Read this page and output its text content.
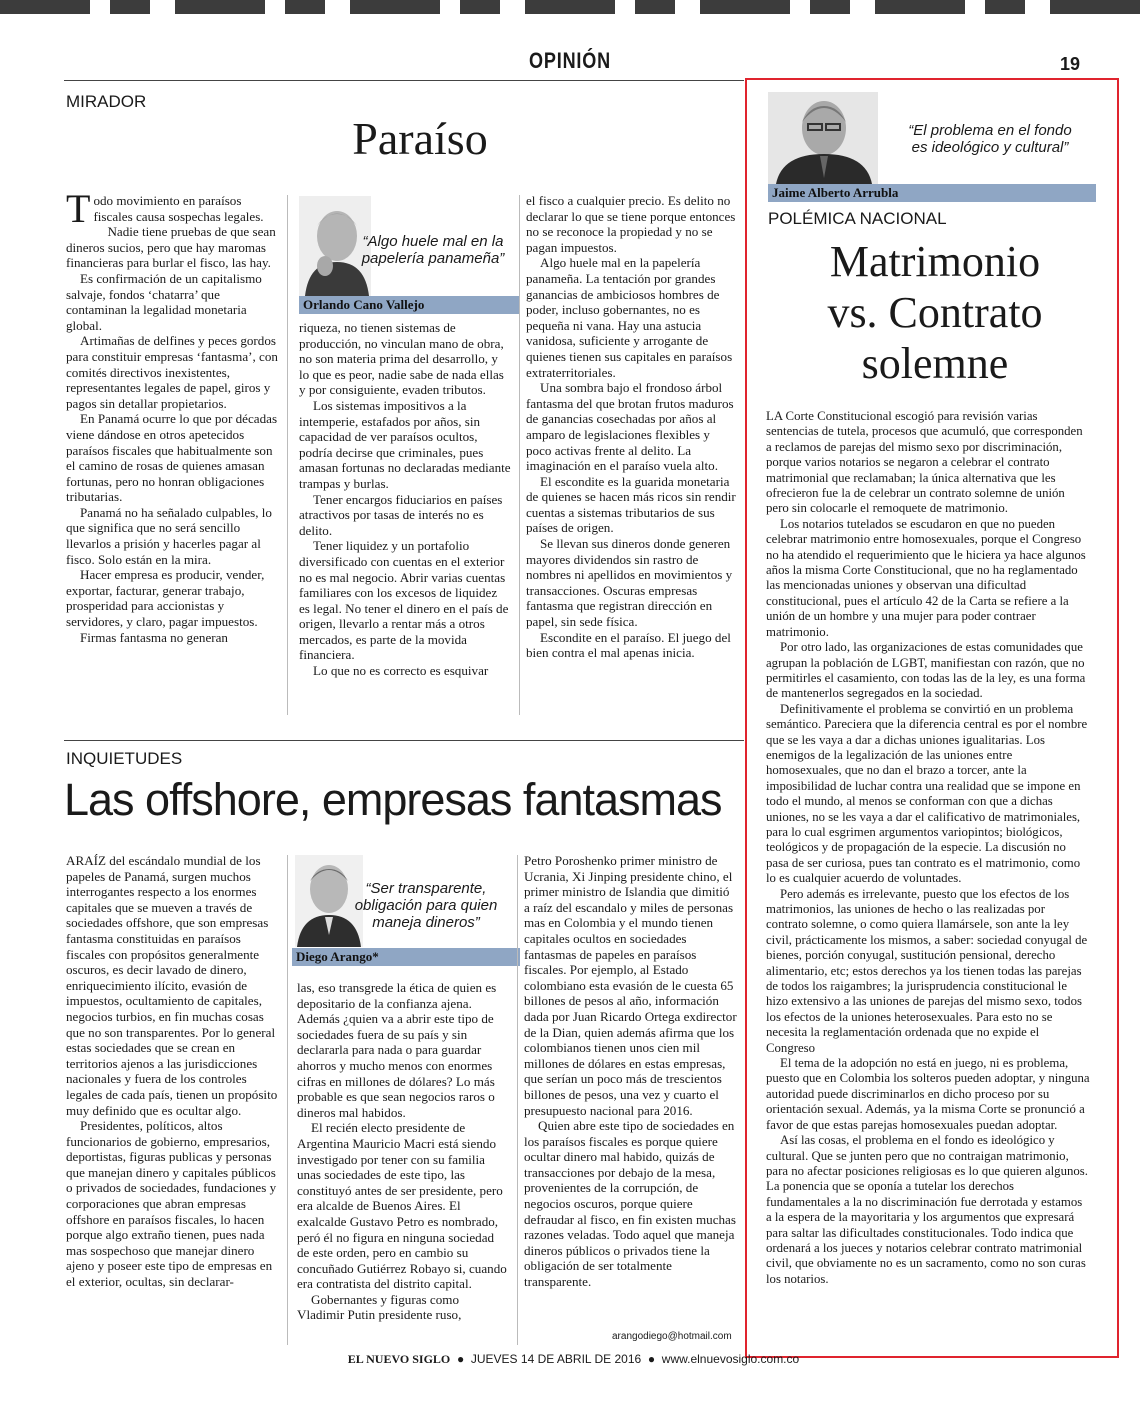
OPINIÓN	19
MIRADOR
Paraíso

Todo movimiento en paraísos fiscales causa sospechas legales.

Nadie tiene pruebas de que sean dineros sucios, pero que hay maromas financieras para burlar el fisco, las hay.

Es confirmación de un capitalismo salvaje, fondos ‘chatarra’ que contaminan la legalidad monetaria global.

Artimañas de delfines y peces gordos para constituir empresas ‘fantasma’, con comités directivos inexistentes, representantes legales de papel, giros y pagos sin detallar propietarios.

En Panamá ocurre lo que por décadas viene dándose en otros apetecidos paraísos fiscales que habitualmente son el camino de rosas de quienes amasan fortunas, pero no honran obligaciones tributarias.

Panamá no ha señalado culpables, lo que significa que no será sencillo llevarlos a prisión y hacerles pagar al fisco. Solo están en la mira.

Hacer empresa es producir, vender, exportar, facturar, generar trabajo, prosperidad para accionistas y servidores, y claro, pagar impuestos.

Firmas fantasma no generan

“Algo huele mal en la papelería panameña”
Orlando Cano Vallejo

riqueza, no tienen sistemas de producción, no vinculan mano de obra, no son materia prima del desarrollo, y lo que es peor, nadie sabe de nada ellas y por consiguiente, evaden tributos.

Los sistemas impositivos a la intemperie, estafados por años, sin capacidad de ver paraísos ocultos, podría decirse que criminales, pues amasan fortunas no declaradas mediante trampas y burlas.

Tener encargos fiduciarios en países atractivos por tasas de interés no es delito.

Tener liquidez y un portafolio diversificado con cuentas en el exterior no es mal negocio. Abrir varias cuentas familiares con los excesos de liquidez es legal. No tener el dinero en el país de origen, llevarlo a rentar más a otros mercados, es parte de la movida financiera.

Lo que no es correcto es esquivar

el fisco a cualquier precio. Es delito no declarar lo que se tiene porque entonces no se reconoce la propiedad y no se pagan impuestos.

Algo huele mal en la papelería panameña. La tentación por grandes ganancias de ambiciosos hombres de poder, incluso gobernantes, no es pequeña ni vana. Hay una astucia vanidosa, suficiente y arrogante de quienes tienen sus capitales en paraísos extraterritoriales.

Una sombra bajo el frondoso árbol fantasma del que brotan frutos maduros de ganancias cosechadas por años al amparo de legislaciones flexibles y poco activas frente al delito. La imaginación en el paraíso vuela alto.

El escondite es la guarida monetaria de quienes se hacen más ricos sin rendir cuentas a sistemas tributarios de sus países de origen.

Se llevan sus dineros donde generen mayores dividendos sin rastro de nombres ni apellidos en movimientos y transacciones. Oscuras empresas fantasma que registran dirección en papel, sin sede física.

Escondite en el paraíso. El juego del bien contra el mal apenas inicia.

INQUIETUDES
Las offshore, empresas fantasmas

ARAÍZ del escándalo mundial de los papeles de Panamá, surgen muchos interrogantes respecto a los enormes capitales que se mueven a través de sociedades offshore, que son empresas fantasma constituidas en paraísos fiscales con propósitos generalmente oscuros, es decir lavado de dinero, enriquecimiento ilícito, evasión de impuestos, ocultamiento de capitales, negocios turbios, en fin muchas cosas que no son transparentes. Por lo general estas sociedades que se crean en territorios ajenos a las jurisdicciones nacionales y fuera de los controles legales de cada país, tienen un propósito muy definido que es ocultar algo.

Presidentes, políticos, altos funcionarios de gobierno, empresarios, deportistas, figuras publicas y personas que manejan dinero y capitales públicos o privados de sociedades, fundaciones y corporaciones que abran empresas offshore en paraísos fiscales, lo hacen porque algo extraño tienen, pues nada mas sospechoso que manejar dinero ajeno y poseer este tipo de empresas en el exterior, ocultas, sin declarar-

“Ser transparente, obligación para quien maneja dineros”
Diego Arango*

las, eso transgrede la ética de quien es depositario de la confianza ajena. Además ¿quien va a abrir este tipo de sociedades fuera de su país y sin declararla para nada o para guardar ahorros y mucho menos con enormes cifras en millones de dólares? Lo más probable es que sean negocios raros o dineros mal habidos.

El recién electo presidente de Argentina Mauricio Macri está siendo investigado por tener con su familia unas sociedades de este tipo, las constituyó antes de ser presidente, pero era alcalde de Buenos Aires. El exalcalde Gustavo Petro es nombrado, peró él no figura en ninguna sociedad de este orden, pero en cambio su concuñado Gutiérrez Robayo si, cuando era contratista del distrito capital.

Gobernantes y figuras como Vladimir Putin presidente ruso,

Petro Poroshenko primer ministro de Ucrania, Xi Jinping presidente chino, el primer ministro de Islandia que dimitió a raíz del escandalo y miles de personas mas en Colombia y el mundo tienen capitales ocultos en sociedades fantasmas de papeles en paraísos fiscales. Por ejemplo, al Estado colombiano esta evasión de le cuesta 65 billones de pesos al año, información dada por Juan Ricardo Ortega exdirector de la Dian, quien además afirma que los colombianos tienen unos cien mil millones de dólares en estas empresas, que serían un poco más de trescientos billones de pesos, una vez y cuarto el presupuesto nacional para 2016.

Quien abre este tipo de sociedades en los paraísos fiscales es porque quiere ocultar dinero mal habido, quizás de transacciones por debajo de la mesa, provenientes de la corrupción, de negocios oscuros, porque quiere defraudar al fisco, en fin existen muchas razones veladas. Todo aquel que maneja dineros públicos o privados tiene la obligación de ser totalmente transparente.

arangodiego@hotmail.com
“El problema en el fondo es ideológico y cultural”
Jaime Alberto Arrubla
POLÉMICA NACIONAL
Matrimonio
vs. Contrato
solemne

LA Corte Constitucional escogió para revisión varias sentencias de tutela, procesos que acumuló, que corresponden a reclamos de parejas del mismo sexo por discriminación, porque varios notarios se negaron a celebrar el contrato matrimonial que reclamaban; la única alternativa que les ofrecieron fue la de celebrar un contrato solemne de unión pero sin colocarle el remoquete de matrimonio.

Los notarios tutelados se escudaron en que no pueden celebrar matrimonio entre homosexuales, porque el Congreso no ha atendido el requerimiento que le hiciera ya hace algunos años la misma Corte Constitucional, que no ha reglamentado las mencionadas uniones y observan una dificultad constitucional, pues el artículo 42 de la Carta se refiere a la unión de un hombre y una mujer para poder contraer matrimonio.

Por otro lado, las organizaciones de estas comunidades que agrupan la población de LGBT, manifiestan con razón, que no permitirles el casamiento, con todas las de la ley, es una forma de mantenerlos segregados en la sociedad.

Definitivamente el problema se convirtió en un problema semántico. Pareciera que la diferencia central es por el nombre que se les vaya a dar a dichas uniones igualitarias. Los enemigos de la legalización de las uniones entre homosexuales, que no dan el brazo a torcer, ante la imposibilidad de luchar contra una realidad que se impone en todo el mundo, al menos se conforman con que a dichas uniones, no se les vaya a dar el calificativo de matrimoniales, para lo cual esgrimen argumentos variopintos; biológicos, teológicos y de propagación de la especie. La discusión no pasa de ser curiosa, pues tan contrato es el matrimonio, como lo es cualquier acuerdo de voluntades.

Pero además es irrelevante, puesto que los efectos de los matrimonios, las uniones de hecho o las realizadas por contrato solemne, o como quiera llamársele, son ante la ley civil, prácticamente los mismos, a saber: sociedad conyugal de bienes, porción conyugal, sustitución pensional, derecho alimentario, etc; estos derechos ya los tienen todas las parejas de todos los raigambres; la jurisprudencia constitucional le hizo extensivo a las uniones de parejas del mismo sexo, todos los efectos de la uniones heterosexuales. Para esto no se necesita la reglamentación ordenada que no expide el Congreso

El tema de la adopción no está en juego, ni es problema, puesto que en Colombia los solteros pueden adoptar, y ninguna autoridad puede discriminarlos en dicho proceso por su orientación sexual. Además, ya la misma Corte se pronunció a favor de que estas parejas homosexuales puedan adoptar.

Así las cosas, el problema en el fondo es ideológico y cultural. Que se junten pero que no contraigan matrimonio, para no afectar posiciones religiosas es lo que quieren algunos. La ponencia que se oponía a tutelar los derechos fundamentales a la no discriminación fue derrotada y estamos a la espera de la mayoritaria y los argumentos que expresará para saltar las dificultades constitucionales. Todo indica que ordenará a los jueces y notarios celebrar contrato matrimonial civil, que obviamente no es un sacramento, como no son curas los notarios.

EL NUEVO SIGLO  ●  JUEVES 14 DE ABRIL DE 2016  ●  www.elnuevosiglo.com.co
